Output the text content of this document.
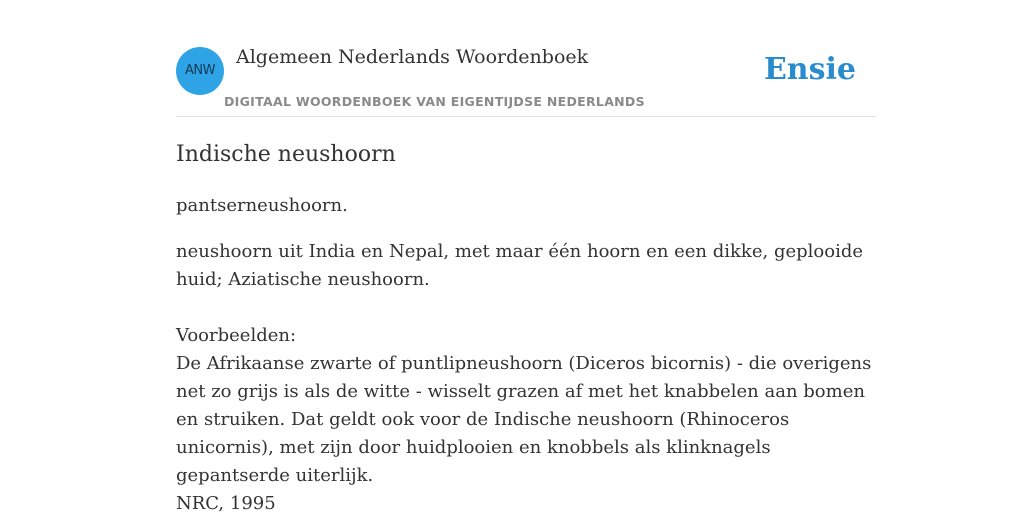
ANW
Algemeen Nederlands Woordenboek
DIGITAAL WOORDENBOEK VAN EIGENTIJDSE NEDERLANDS
Ensie
Indische neushoorn

pantserneushoorn.

neushoorn uit India en Nepal, met maar één hoorn en een dikke, geplooide huid; Aziatische neushoorn.

Voorbeelden:
De Afrikaanse zwarte of puntlipneushoorn (Diceros bicornis) - die overigens net zo grijs is als de witte - wisselt grazen af met het knabbelen aan bomen en struiken. Dat geldt ook voor de Indische neushoorn (Rhinoceros unicornis), met zijn door huidplooien en knobbels als klinknagels gepantserde uiterlijk.
NRC, 1995
